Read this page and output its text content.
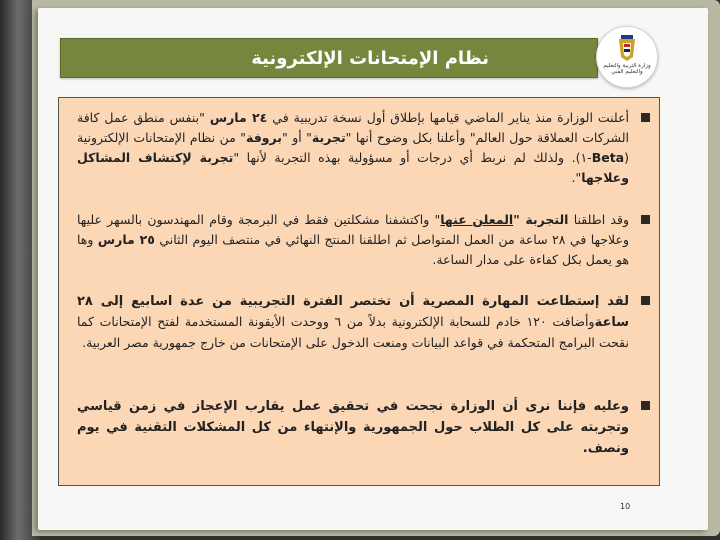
نظام الإمتحانات الإلكترونية	وزارة التربية والتعليم والتعليم الفني
أعلنت الوزارة منذ يناير الماضي قيامها بإطلاق أول نسخة تدريبية في ٢٤ مارس "بنفس منطق عمل كافة الشركات العملاقة حول العالم" وأعلنا بكل وضوح أنها "تجربة" أو "بروفة" من نظام الإمتحانات الإلكترونية (Beta-١). ولذلك لم نربط أي درجات أو مسؤولية بهذه التجربة لأنها "تجربة لإكتشاف المشاكل وعلاجها".
وقد اطلقنا التجربة "المعلن عنها" واكتشفنا مشكلتين فقط في البرمجة وقام المهندسون بالسهر عليها وعلاجها في ٢٨ ساعة من العمل المتواصل ثم اطلقنا المنتج النهائي في منتصف اليوم الثاني ٢٥ مارس وها هو يعمل بكل كفاءة على مدار الساعة.
لقد إستطاعت المهارة المصرية أن تختصر الفترة التجريبية من عدة اسابيع إلى ٢٨ ساعةوأضافت ١٢٠ خادم للسحابة الإلكترونية بدلاً من ٦ ووحدت الأيقونة المستخدمة لفتح الإمتحانات كما نقحت البرامج المتحكمة في قواعد البيانات ومنعت الدخول على الإمتحانات من خارج جمهورية مصر العربية.
وعليه فإننا نرى أن الوزارة نجحت في تحقيق عمل يقارب الإعجاز في زمن قياسي وتجربته على كل الطلاب حول الجمهورية والإنتهاء من كل المشكلات التقنية في يوم ونصف.
10
